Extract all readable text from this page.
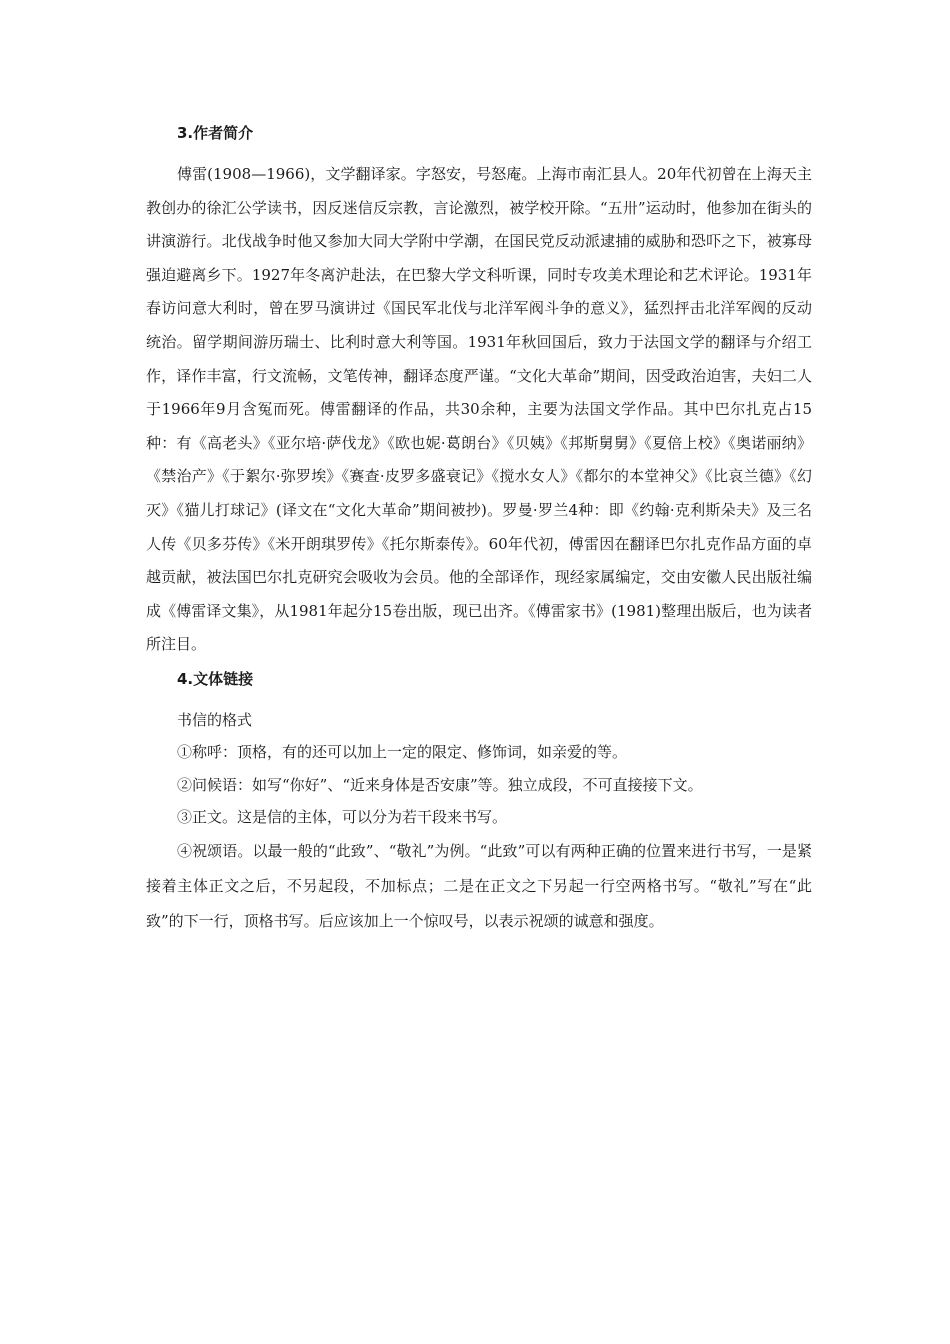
3.作者简介

傅雷(1908—1966)，文学翻译家。字怒安，号怒庵。上海市南汇县人。20年代初曾在上海天主教创办的徐汇公学读书，因反迷信反宗教，言论激烈，被学校开除。“五卅”运动时，他参加在街头的讲演游行。北伐战争时他又参加大同大学附中学潮，在国民党反动派逮捕的威胁和恐吓之下，被寡母强迫避离乡下。1927年冬离沪赴法，在巴黎大学文科听课，同时专攻美术理论和艺术评论。1931年春访问意大利时，曾在罗马演讲过《国民军北伐与北洋军阀斗争的意义》，猛烈抨击北洋军阀的反动统治。留学期间游历瑞士、比利时意大利等国。1931年秋回国后，致力于法国文学的翻译与介绍工作，译作丰富，行文流畅，文笔传神，翻译态度严谨。“文化大革命”期间，因受政治迫害，夫妇二人于1966年9月含冤而死。傅雷翻译的作品，共30余种，主要为法国文学作品。其中巴尔扎克占15种：有《高老头》《亚尔培·萨伐龙》《欧也妮·葛朗台》《贝姨》《邦斯舅舅》《夏倍上校》《奥诺丽纳》《禁治产》《于絮尔·弥罗埃》《赛查·皮罗多盛衰记》《搅水女人》《都尔的本堂神父》《比哀兰德》《幻灭》《猫儿打球记》(译文在“文化大革命”期间被抄)。罗曼·罗兰4种：即《约翰·克利斯朵夫》及三名人传《贝多芬传》《米开朗琪罗传》《托尔斯泰传》。60年代初，傅雷因在翻译巴尔扎克作品方面的卓越贡献，被法国巴尔扎克研究会吸收为会员。他的全部译作，现经家属编定，交由安徽人民出版社编成《傅雷译文集》，从1981年起分15卷出版，现已出齐。《傅雷家书》(1981)整理出版后，也为读者所注目。

4.文体链接

书信的格式

①称呼：顶格，有的还可以加上一定的限定、修饰词，如亲爱的等。

②问候语：如写“你好”、“近来身体是否安康”等。独立成段，不可直接接下文。

③正文。这是信的主体，可以分为若干段来书写。

④祝颂语。以最一般的“此致”、“敬礼”为例。“此致”可以有两种正确的位置来进行书写，一是紧接着主体正文之后，不另起段，不加标点；二是在正文之下另起一行空两格书写。“敬礼”写在“此致”的下一行，顶格书写。后应该加上一个惊叹号，以表示祝颂的诚意和强度。
